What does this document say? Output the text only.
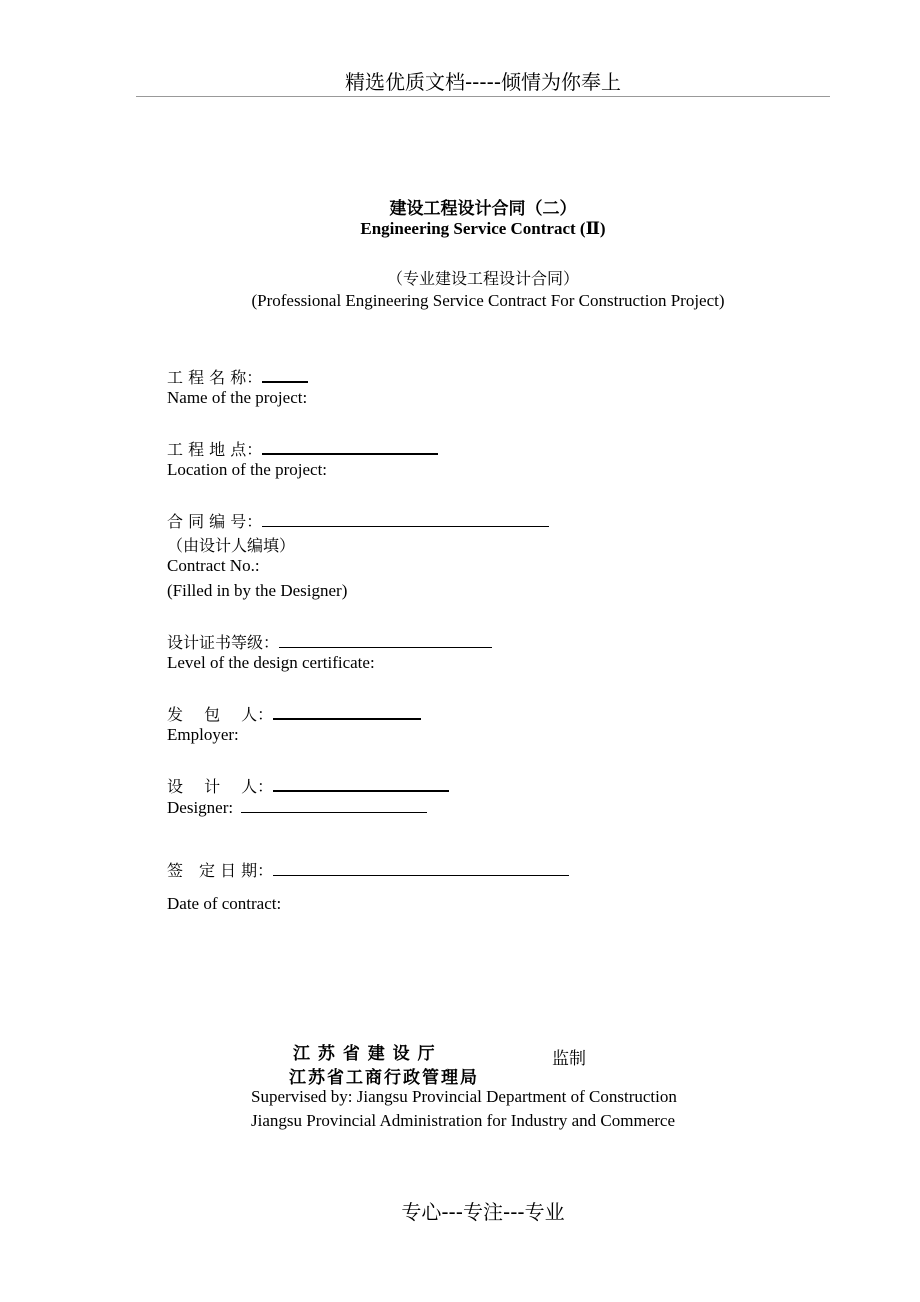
精选优质文档-----倾情为你奉上
建设工程设计合同（二）
Engineering Service Contract (Ⅱ)
（专业建设工程设计合同）
(Professional Engineering Service Contract For Construction Project)
工 程 名 称：
Name of the project:
工 程 地 点：
Location of the project:
合 同 编 号：
（由设计人编填）
Contract No.:
(Filled in by the Designer)
设计证书等级：
Level of the design certificate:
发　 包　 人：
Employer:
设　 计　 人：
Designer:
签　定 日 期：
Date of contract:
江 苏 省 建 设 厅
江苏省工商行政管理局
监制
Supervised by: Jiangsu Provincial Department of Construction
Jiangsu Provincial Administration for Industry and Commerce
专心---专注---专业
